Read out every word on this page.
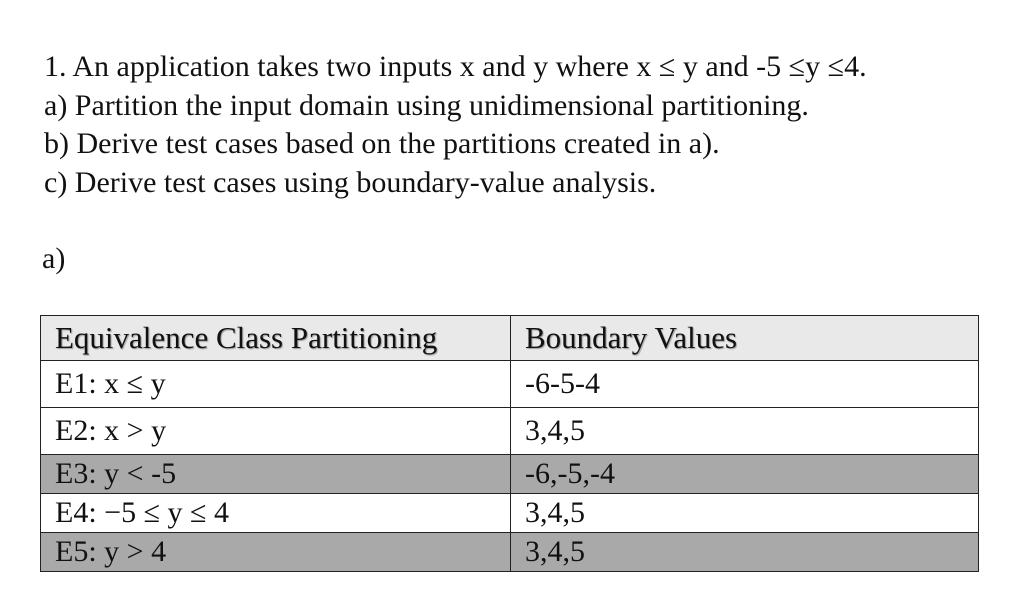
1. An application takes two inputs x and y where x ≤ y and -5 ≤y ≤4.
a) Partition the input domain using unidimensional partitioning.
b) Derive test cases based on the partitions created in a).
c) Derive test cases using boundary-value analysis.
a)
Equivalence Class Partitioning	Boundary Values
E1: x ≤ y	-6-5-4
E2: x > y	3,4,5
E3: y < -5	-6,-5,-4
E4: −5 ≤ y ≤ 4	3,4,5
E5: y > 4	3,4,5
